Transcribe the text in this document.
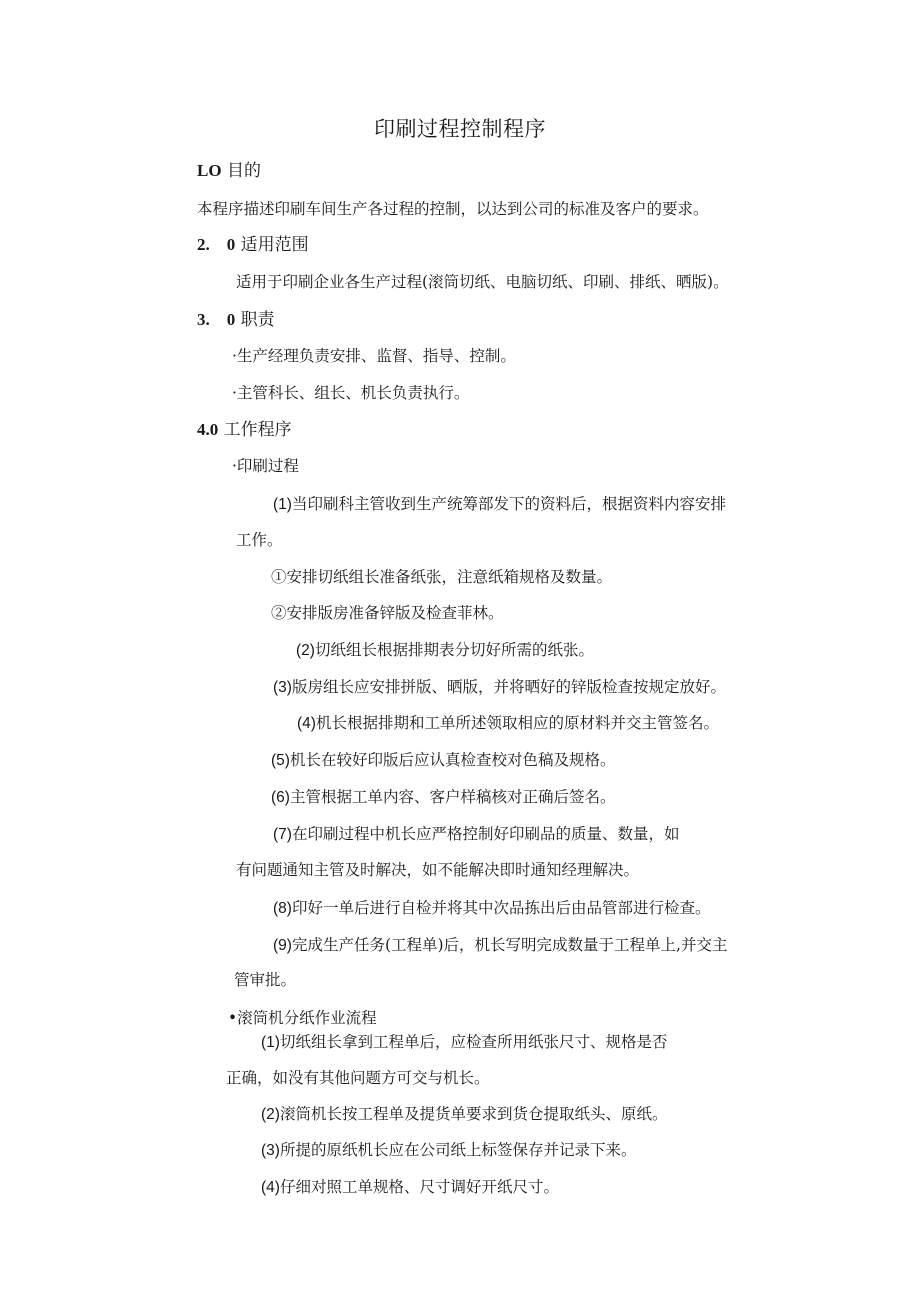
印刷过程控制程序
LO 目的
本程序描述印刷车间生产各过程的控制，以达到公司的标准及客户的要求。
2.　0 适用范围
适用于印刷企业各生产过程(滚筒切纸、电脑切纸、印刷、排纸、晒版)。
3.　0 职责
·生产经理负责安排、监督、指导、控制。
·主管科长、组长、机长负责执行。
4.0 工作程序
·印刷过程
(1)当印刷科主管收到生产统筹部发下的资料后，根据资料内容安排
工作。
①安排切纸组长准备纸张，注意纸箱规格及数量。
②安排版房准备锌版及检查菲林。
(2)切纸组长根据排期表分切好所需的纸张。
(3)版房组长应安排拼版、晒版，并将晒好的锌版检查按规定放好。
(4)机长根据排期和工单所述领取相应的原材料并交主管签名。
(5)机长在较好印版后应认真检查校对色稿及规格。
(6)主管根据工单内容、客户样稿核对正确后签名。
(7)在印刷过程中机长应严格控制好印刷品的质量、数量，如
有问题通知主管及时解决，如不能解决即时通知经理解决。
(8)印好一单后进行自检并将其中次品拣出后由品管部进行检查。
(9)完成生产任务(工程单)后，机长写明完成数量于工程单上,并交主
管审批。
•滚筒机分纸作业流程
(1)切纸组长拿到工程单后，应检查所用纸张尺寸、规格是否
正确，如没有其他问题方可交与机长。
(2)滚筒机长按工程单及提货单要求到货仓提取纸头、原纸。
(3)所提的原纸机长应在公司纸上标签保存并记录下来。
(4)仔细对照工单规格、尺寸调好开纸尺寸。
